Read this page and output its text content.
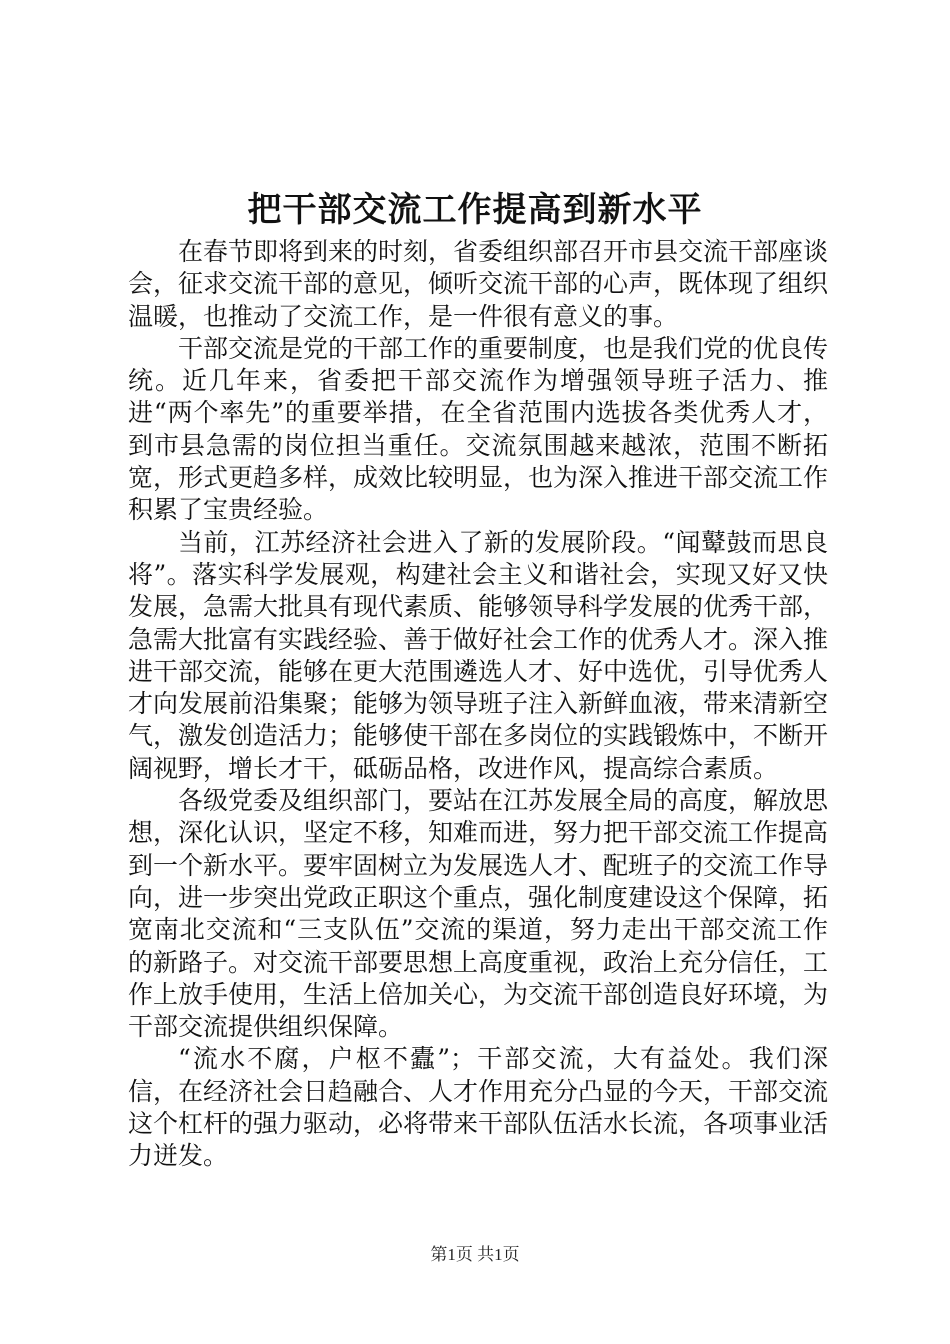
把干部交流工作提高到新水平

在春节即将到来的时刻，省委组织部召开市县交流干部座谈会，征求交流干部的意见，倾听交流干部的心声，既体现了组织温暖，也推动了交流工作，是一件很有意义的事。

干部交流是党的干部工作的重要制度，也是我们党的优良传统。近几年来，省委把干部交流作为增强领导班子活力、推进“两个率先”的重要举措，在全省范围内选拔各类优秀人才，到市县急需的岗位担当重任。交流氛围越来越浓，范围不断拓宽，形式更趋多样，成效比较明显，也为深入推进干部交流工作积累了宝贵经验。

当前，江苏经济社会进入了新的发展阶段。“闻鼙鼓而思良将”。落实科学发展观，构建社会主义和谐社会，实现又好又快发展，急需大批具有现代素质、能够领导科学发展的优秀干部，急需大批富有实践经验、善于做好社会工作的优秀人才。深入推进干部交流，能够在更大范围遴选人才、好中选优，引导优秀人才向发展前沿集聚；能够为领导班子注入新鲜血液，带来清新空气，激发创造活力；能够使干部在多岗位的实践锻炼中，不断开阔视野，增长才干，砥砺品格，改进作风，提高综合素质。

各级党委及组织部门，要站在江苏发展全局的高度，解放思想，深化认识，坚定不移，知难而进，努力把干部交流工作提高到一个新水平。要牢固树立为发展选人才、配班子的交流工作导向，进一步突出党政正职这个重点，强化制度建设这个保障，拓宽南北交流和“三支队伍”交流的渠道，努力走出干部交流工作的新路子。对交流干部要思想上高度重视，政治上充分信任，工作上放手使用，生活上倍加关心，为交流干部创造良好环境，为干部交流提供组织保障。

“流水不腐，户枢不蠹”；干部交流，大有益处。我们深信，在经济社会日趋融合、人才作用充分凸显的今天，干部交流这个杠杆的强力驱动，必将带来干部队伍活水长流，各项事业活力迸发。

第1页 共1页
